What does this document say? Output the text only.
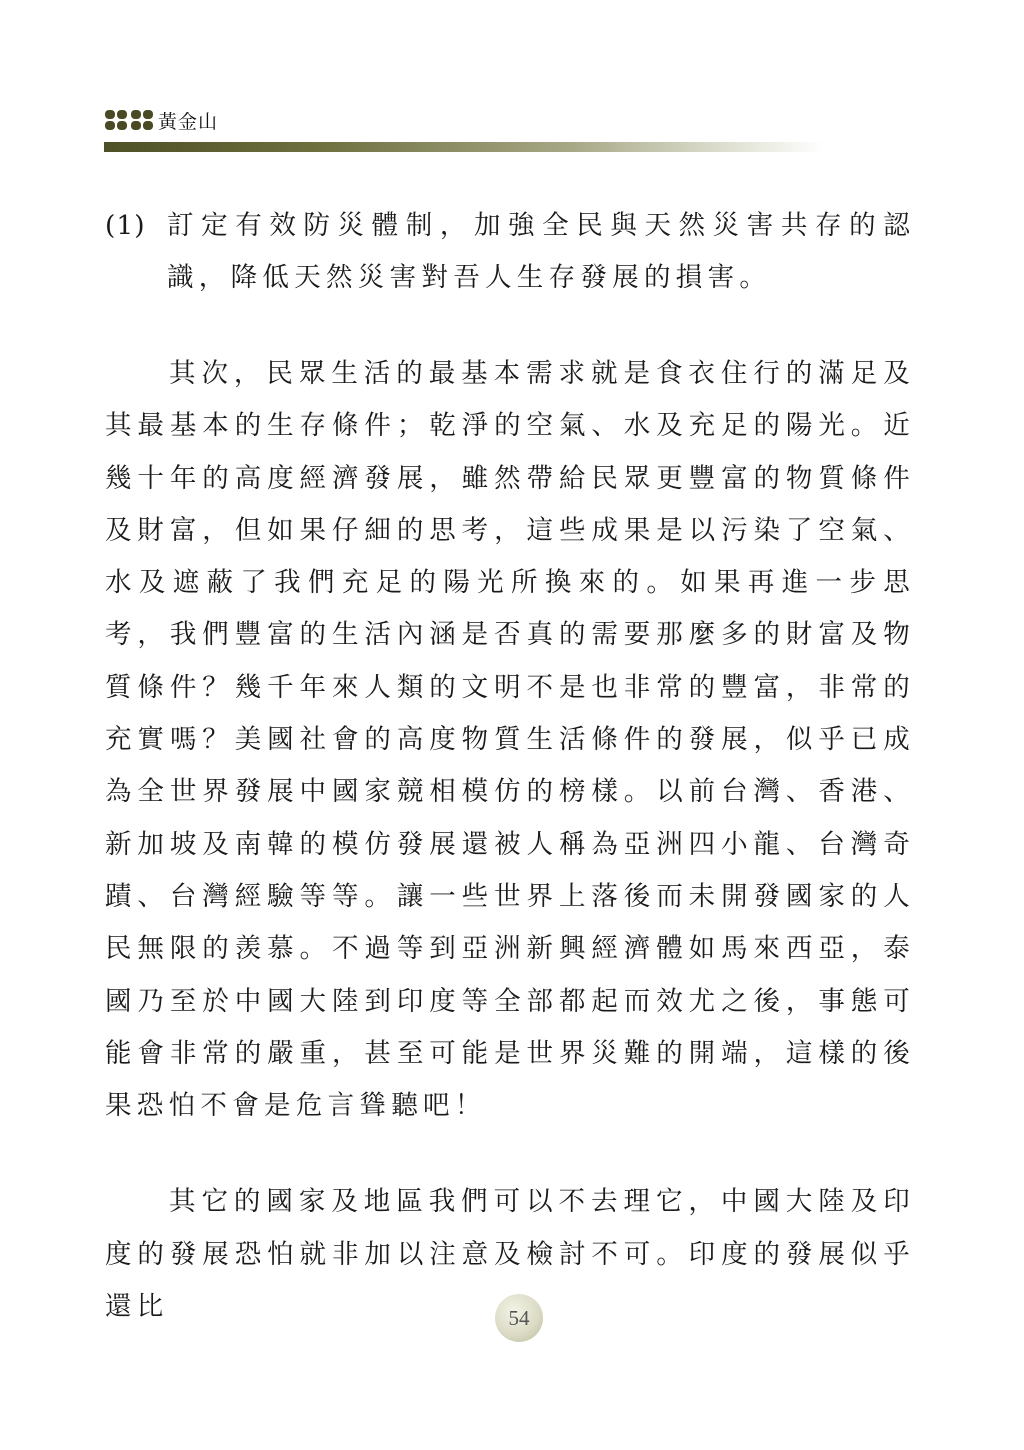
黃金山
(1) 訂定有效防災體制，加強全民與天然災害共存的認識，降低天然災害對吾人生存發展的損害。

其次，民眾生活的最基本需求就是食衣住行的滿足及其最基本的生存條件；乾淨的空氣、水及充足的陽光。近幾十年的高度經濟發展，雖然帶給民眾更豐富的物質條件及財富，但如果仔細的思考，這些成果是以污染了空氣、水及遮蔽了我們充足的陽光所換來的。如果再進一步思考，我們豐富的生活內涵是否真的需要那麼多的財富及物質條件？幾千年來人類的文明不是也非常的豐富，非常的充實嗎？美國社會的高度物質生活條件的發展，似乎已成為全世界發展中國家競相模仿的榜樣。以前台灣、香港、新加坡及南韓的模仿發展還被人稱為亞洲四小龍、台灣奇蹟、台灣經驗等等。讓一些世界上落後而未開發國家的人民無限的羡慕。不過等到亞洲新興經濟體如馬來西亞，泰國乃至於中國大陸到印度等全部都起而效尤之後，事態可能會非常的嚴重，甚至可能是世界災難的開端，這樣的後果恐怕不會是危言聳聽吧！

其它的國家及地區我們可以不去理它，中國大陸及印度的發展恐怕就非加以注意及檢討不可。印度的發展似乎還比	54
